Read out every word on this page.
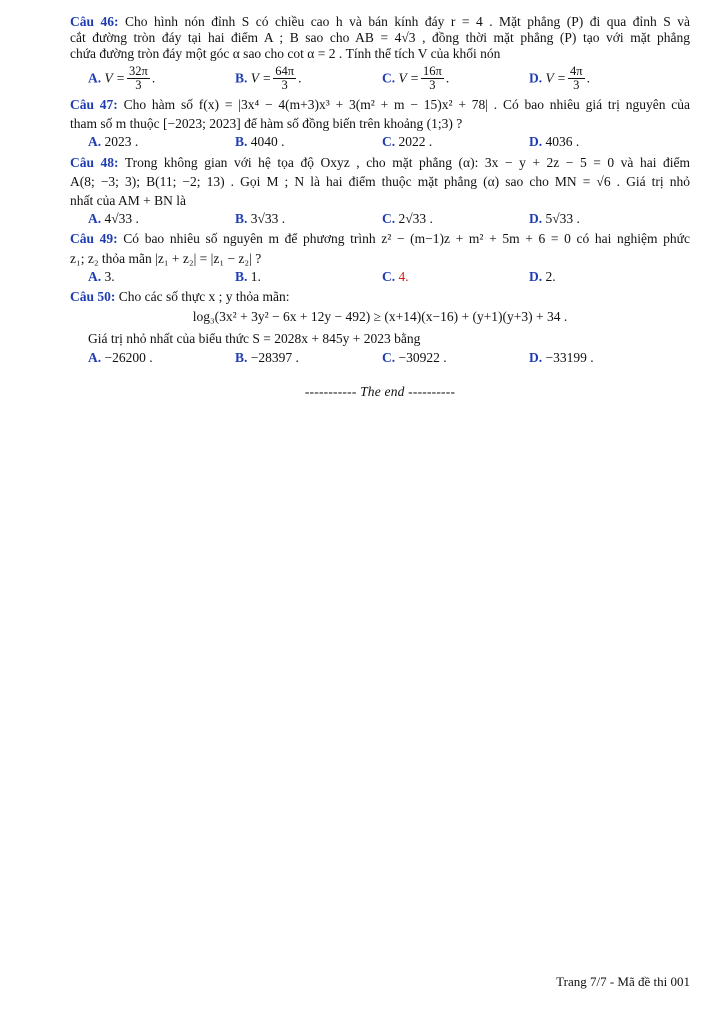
Câu 46: Cho hình nón đỉnh S có chiều cao h và bán kính đáy r = 4 . Mặt phẳng (P) đi qua đỉnh S và
cắt đường tròn đáy tại hai điểm A ; B sao cho AB = 4√3 , đồng thời mặt phẳng (P) tạo với mặt phẳng
chứa đường tròn đáy một góc α sao cho cot α = 2 . Tính thể tích V của khối nón
A. $V = \frac{32\pi}{3}$ .	B. $V = \frac{64\pi}{3}$ .	C. $V = \frac{16\pi}{3}$ .	D. $V = \frac{4\pi}{3}$ .
Câu 47: Cho hàm số f(x) = |3x⁴ − 4(m+3)x³ + 3(m² + m − 15)x² + 78| . Có bao nhiêu giá trị nguyên của
tham số m thuộc [−2023; 2023] để hàm số đồng biến trên khoảng (1;3) ?
A. 2023 .	B. 4040 .	C. 2022 .	D. 4036 .
Câu 48: Trong không gian với hệ tọa độ Oxyz , cho mặt phẳng (α): 3x − y + 2z − 5 = 0 và hai điểm
A(8; −3; 3); B(11; −2; 13) . Gọi M ; N là hai điểm thuộc mặt phẳng (α) sao cho MN = √6 . Giá trị nhỏ
nhất của AM + BN là
A. 4√33 .	B. 3√33 .	C. 2√33 .	D. 5√33 .
Câu 49: Có bao nhiêu số nguyên m để phương trình z² − (m−1)z + m² + 5m + 6 = 0 có hai nghiệm phức
z₁; z₂ thỏa mãn |z₁ + z₂| = |z₁ − z₂| ?
A. 3.	B. 1.	C. 4.	D. 2.
Câu 50: Cho các số thực x ; y thỏa mãn:
log₃(3x² + 3y² − 6x + 12y − 492) ≥ (x+14)(x−16) + (y+1)(y+3) + 34 .
Giá trị nhỏ nhất của biểu thức S = 2028x + 845y + 2023 bằng
A. −26200 .	B. −28397 .	C. −30922 .	D. −33199 .
----------- The end ----------
Trang 7/7 - Mã đề thi 001
